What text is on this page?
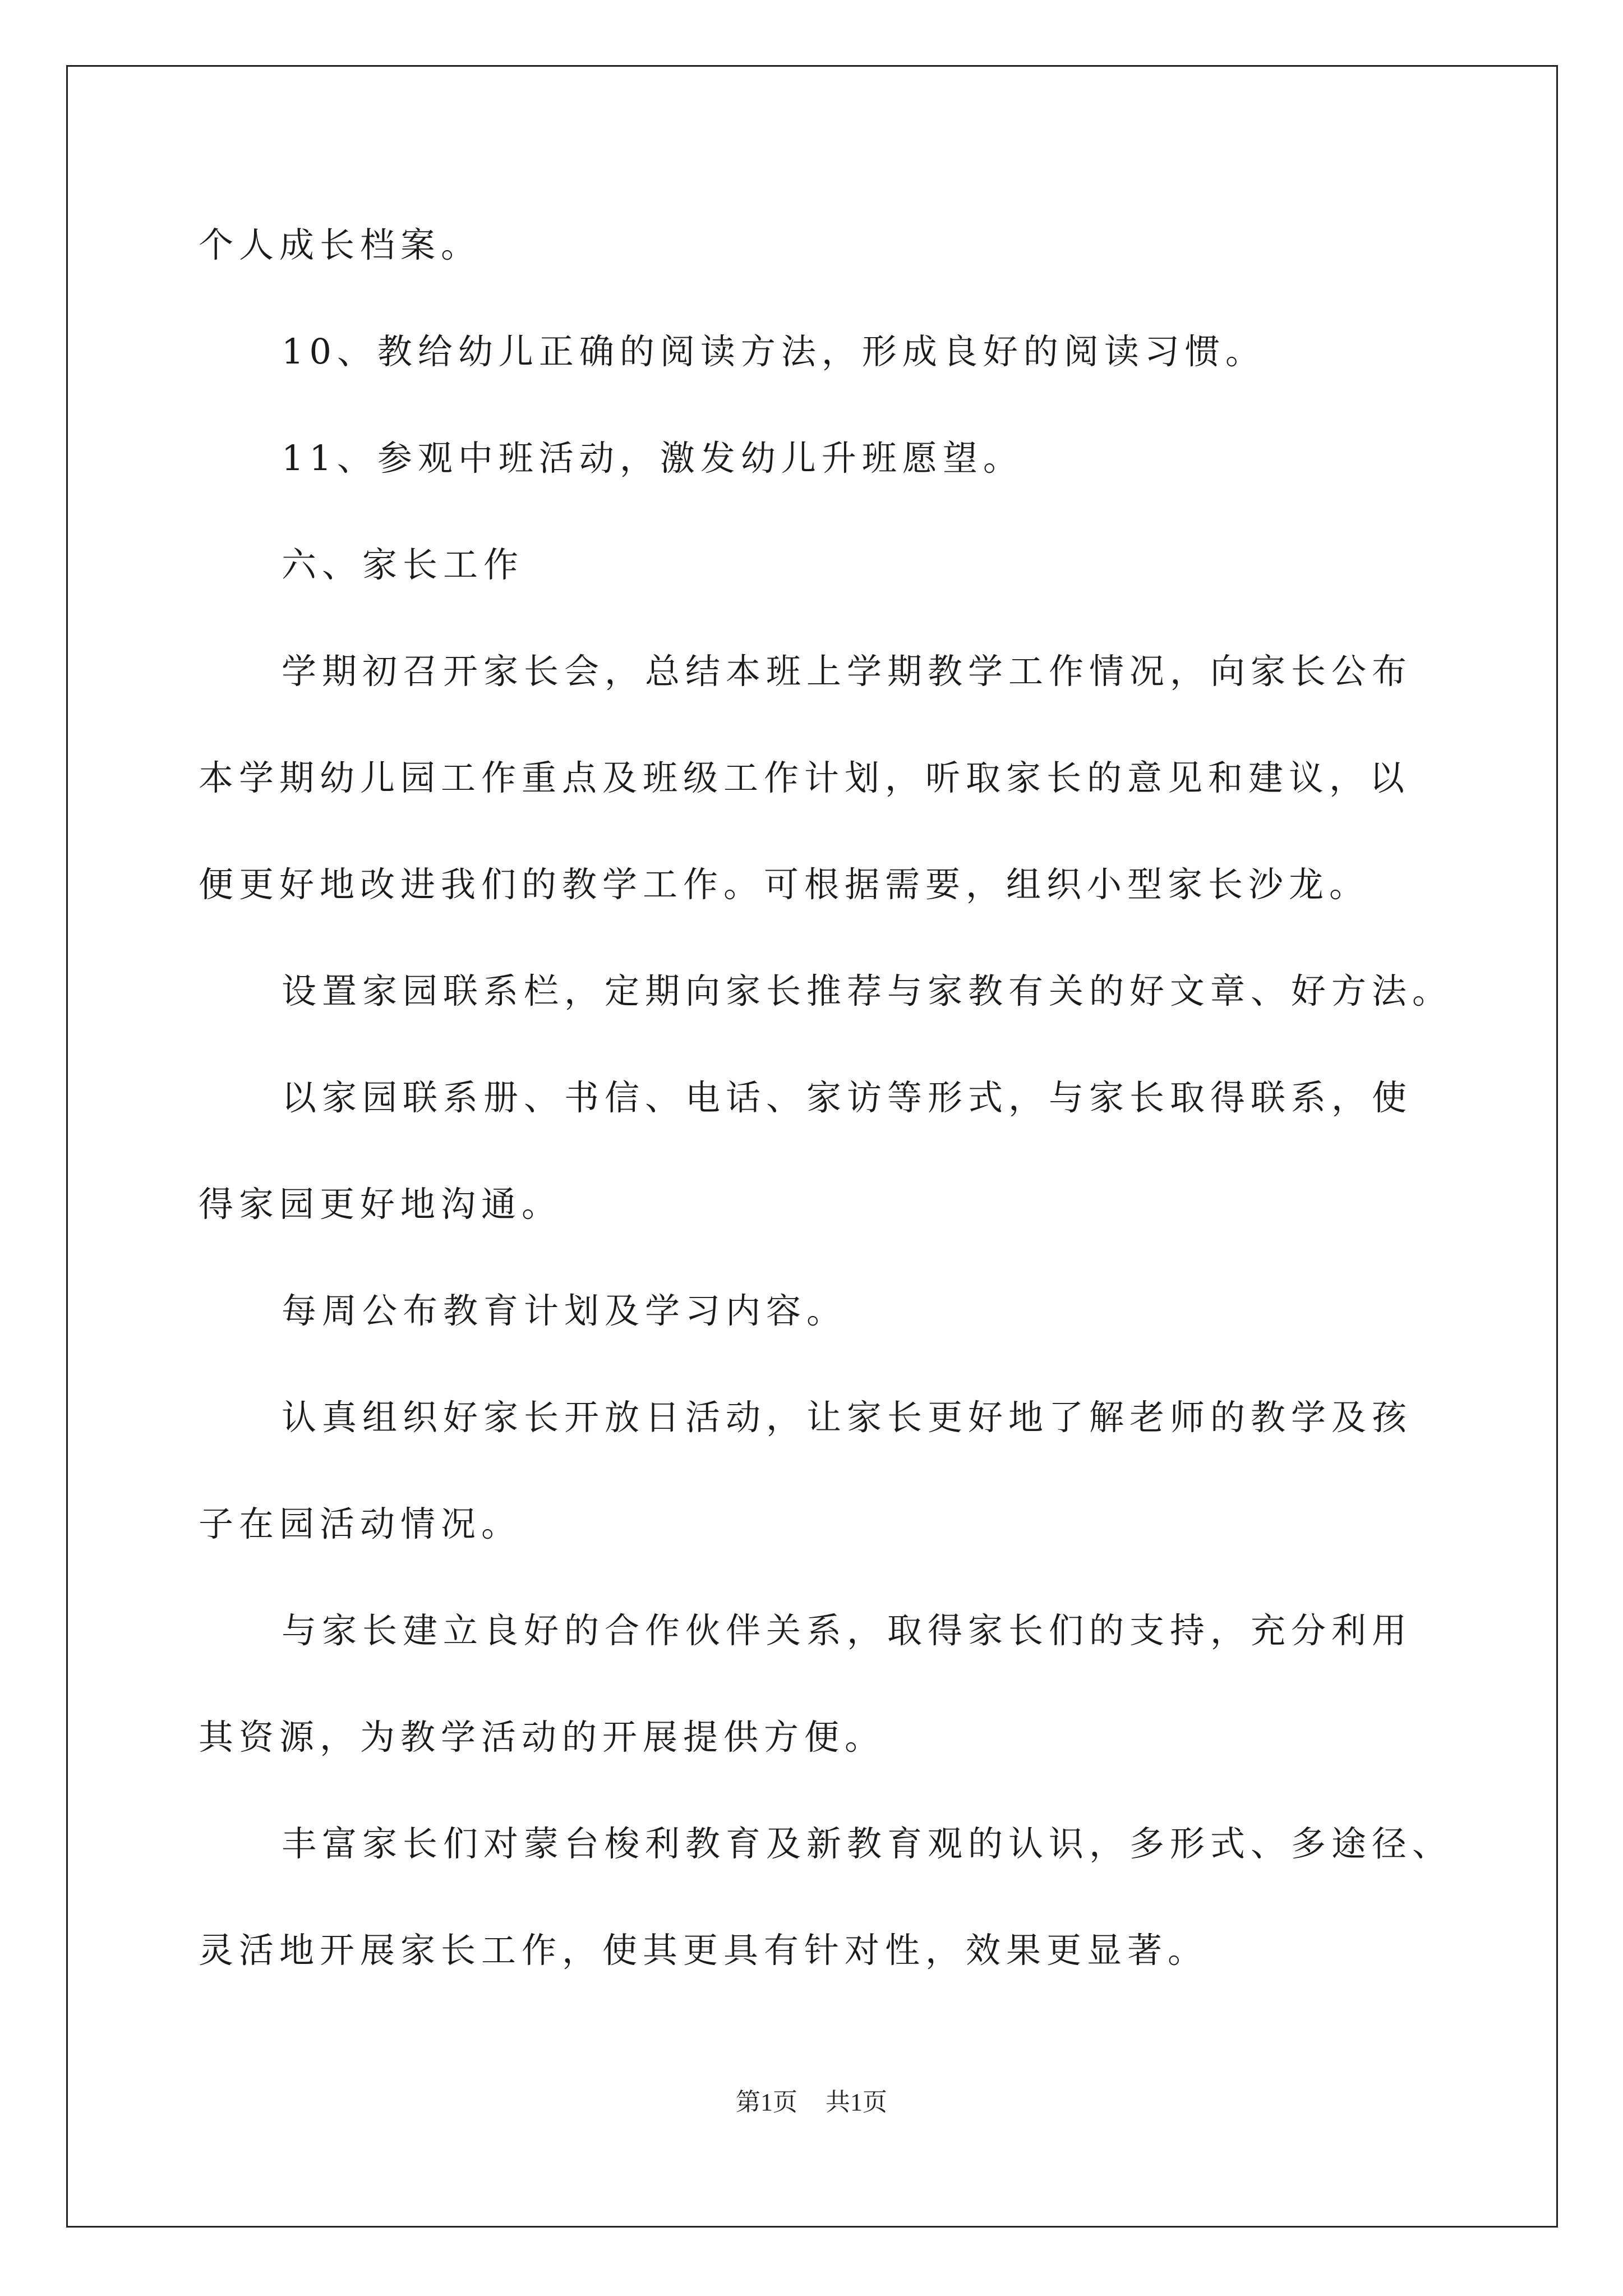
个人成长档案。
10、教给幼儿正确的阅读方法，形成良好的阅读习惯。
11、参观中班活动，激发幼儿升班愿望。
六、家长工作
学期初召开家长会，总结本班上学期教学工作情况，向家长公布
本学期幼儿园工作重点及班级工作计划，听取家长的意见和建议，以
便更好地改进我们的教学工作。可根据需要，组织小型家长沙龙。
设置家园联系栏，定期向家长推荐与家教有关的好文章、好方法。
以家园联系册、书信、电话、家访等形式，与家长取得联系，使
得家园更好地沟通。
每周公布教育计划及学习内容。
认真组织好家长开放日活动，让家长更好地了解老师的教学及孩
子在园活动情况。
与家长建立良好的合作伙伴关系，取得家长们的支持，充分利用
其资源，为教学活动的开展提供方便。
丰富家长们对蒙台梭利教育及新教育观的认识，多形式、多途径、
灵活地开展家长工作，使其更具有针对性，效果更显著。
第1页 共1页
